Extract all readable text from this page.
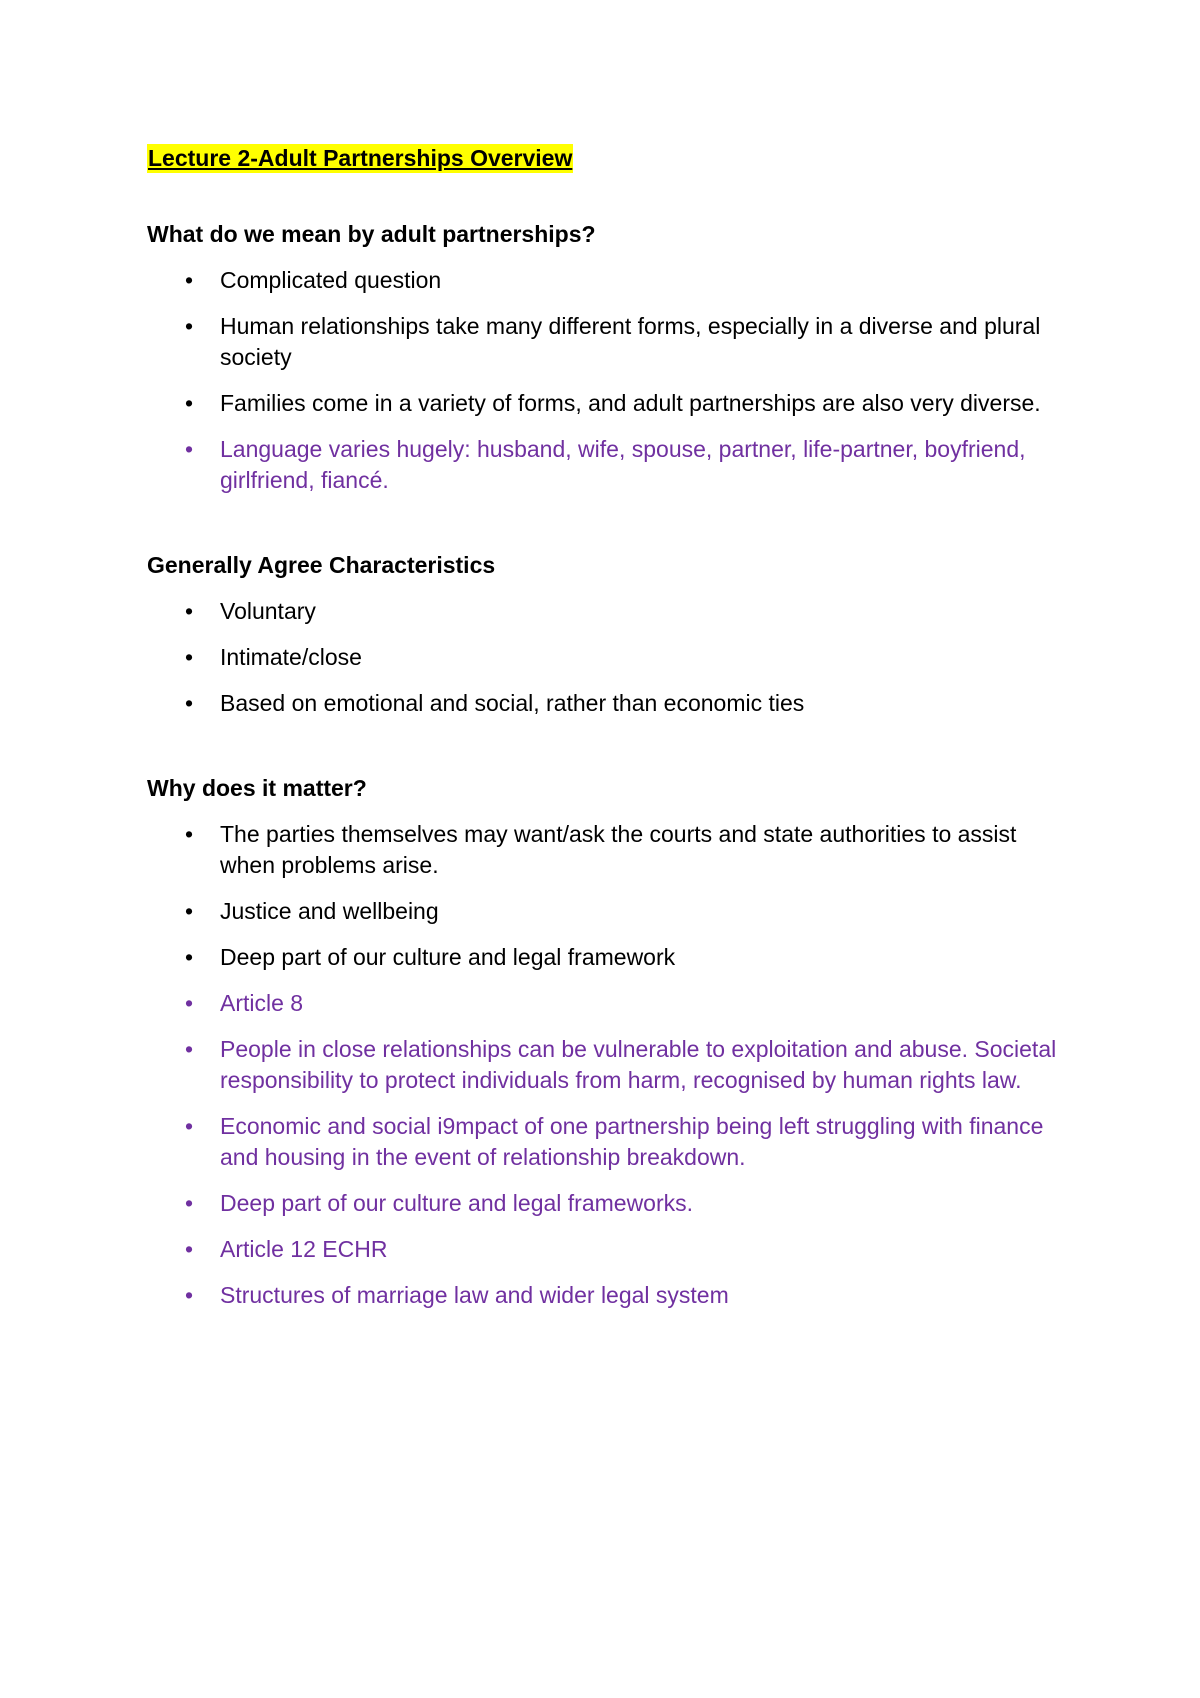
Lecture 2-Adult Partnerships Overview
What do we mean by adult partnerships?
•	Complicated question
•	Human relationships take many different forms, especially in a diverse and plural society
•	Families come in a variety of forms, and adult partnerships are also very diverse.
•	Language varies hugely: husband, wife, spouse, partner, life-partner, boyfriend, girlfriend, fiancé.
Generally Agree Characteristics
•	Voluntary
•	Intimate/close
•	Based on emotional and social, rather than economic ties
Why does it matter?
•	The parties themselves may want/ask the courts and state authorities to assist when problems arise.
•	Justice and wellbeing
•	Deep part of our culture and legal framework
•	Article 8
•	People in close relationships can be vulnerable to exploitation and abuse. Societal responsibility to protect individuals from harm, recognised by human rights law.
•	Economic and social i9mpact of one partnership being left struggling with finance and housing in the event of relationship breakdown.
•	Deep part of our culture and legal frameworks.
•	Article 12 ECHR
•	Structures of marriage law and wider legal system
